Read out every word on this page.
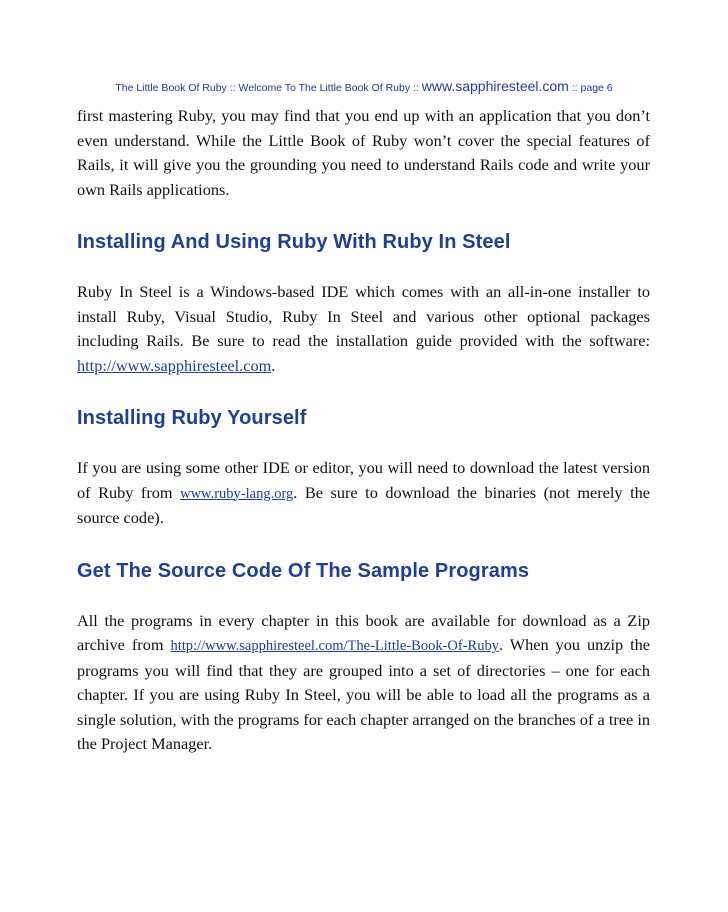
The Little Book Of Ruby :: Welcome To The Little Book Of Ruby :: www.sapphiresteel.com :: page 6

first mastering Ruby, you may find that you end up with an application that you don’t even understand. While the Little Book of Ruby won’t cover the special features of Rails, it will give you the grounding you need to understand Rails code and write your own Rails applications.

Installing And Using Ruby With Ruby In Steel

Ruby In Steel is a Windows-based IDE which comes with an all-in-one installer to install Ruby, Visual Studio, Ruby In Steel and various other optional packages including Rails. Be sure to read the installation guide provided with the software: http://www.sapphiresteel.com.

Installing Ruby Yourself

If you are using some other IDE or editor, you will need to download the latest version of Ruby from www.ruby-lang.org. Be sure to download the binaries (not merely the source code).

Get The Source Code Of The Sample Programs

All the programs in every chapter in this book are available for download as a Zip archive from http://www.sapphiresteel.com/The-Little-Book-Of-Ruby. When you unzip the programs you will find that they are grouped into a set of directories – one for each chapter. If you are using Ruby In Steel, you will be able to load all the programs as a single solution, with the programs for each chapter arranged on the branches of a tree in the Project Manager.
